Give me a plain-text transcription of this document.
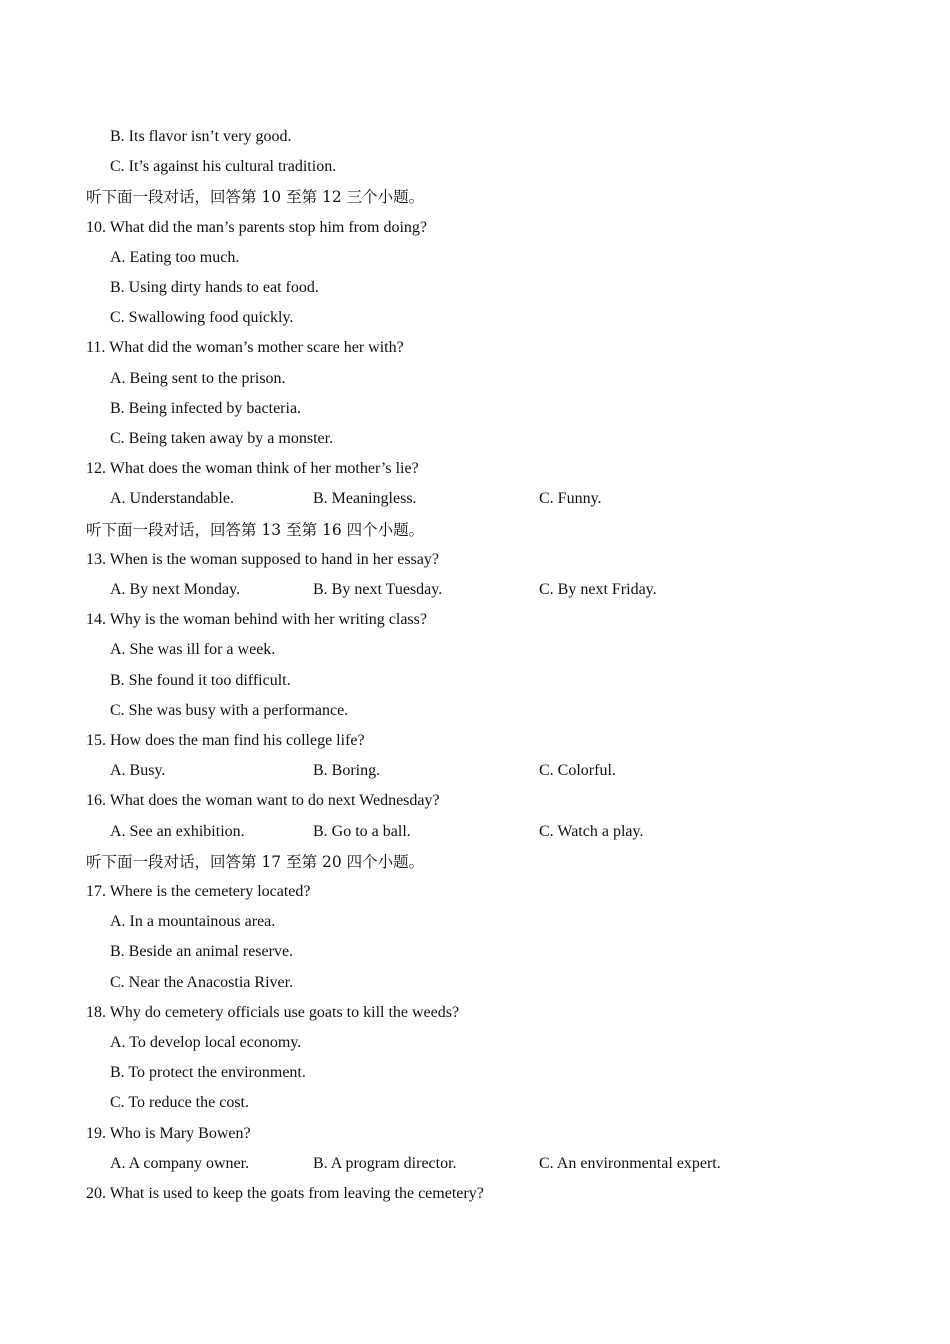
B. Its flavor isn’t very good.
C. It’s against his cultural tradition.
听下面一段对话，回答第 10 至第 12 三个小题。
10. What did the man’s parents stop him from doing?
A. Eating too much.
B. Using dirty hands to eat food.
C. Swallowing food quickly.
11. What did the woman’s mother scare her with?
A. Being sent to the prison.
B. Being infected by bacteria.
C. Being taken away by a monster.
12. What does the woman think of her mother’s lie?
A. Understandable.	B. Meaningless.	C. Funny.
听下面一段对话，回答第 13 至第 16 四个小题。
13. When is the woman supposed to hand in her essay?
A. By next Monday.	B. By next Tuesday.	C. By next Friday.
14. Why is the woman behind with her writing class?
A. She was ill for a week.
B. She found it too difficult.
C. She was busy with a performance.
15. How does the man find his college life?
A. Busy.	B. Boring.	C. Colorful.
16. What does the woman want to do next Wednesday?
A. See an exhibition.	B. Go to a ball.	C. Watch a play.
听下面一段对话，回答第 17 至第 20 四个小题。
17. Where is the cemetery located?
A. In a mountainous area.
B. Beside an animal reserve.
C. Near the Anacostia River.
18. Why do cemetery officials use goats to kill the weeds?
A. To develop local economy.
B. To protect the environment.
C. To reduce the cost.
19. Who is Mary Bowen?
A. A company owner.	B. A program director.	C. An environmental expert.
20. What is used to keep the goats from leaving the cemetery?
